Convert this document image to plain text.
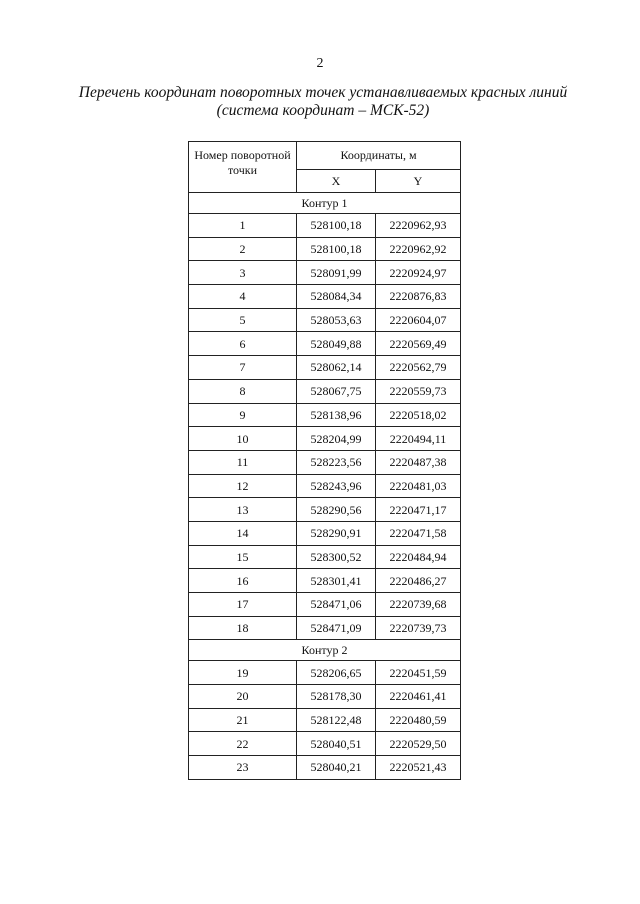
2
Перечень координат поворотных точек устанавливаемых красных линий
(система координат – МСК-52)
Номер поворотной точки	Координаты, м	
	X	Y
Контур 1		
1	528100,18	2220962,93
2	528100,18	2220962,92
3	528091,99	2220924,97
4	528084,34	2220876,83
5	528053,63	2220604,07
6	528049,88	2220569,49
7	528062,14	2220562,79
8	528067,75	2220559,73
9	528138,96	2220518,02
10	528204,99	2220494,11
11	528223,56	2220487,38
12	528243,96	2220481,03
13	528290,56	2220471,17
14	528290,91	2220471,58
15	528300,52	2220484,94
16	528301,41	2220486,27
17	528471,06	2220739,68
18	528471,09	2220739,73
Контур 2		
19	528206,65	2220451,59
20	528178,30	2220461,41
21	528122,48	2220480,59
22	528040,51	2220529,50
23	528040,21	2220521,43
